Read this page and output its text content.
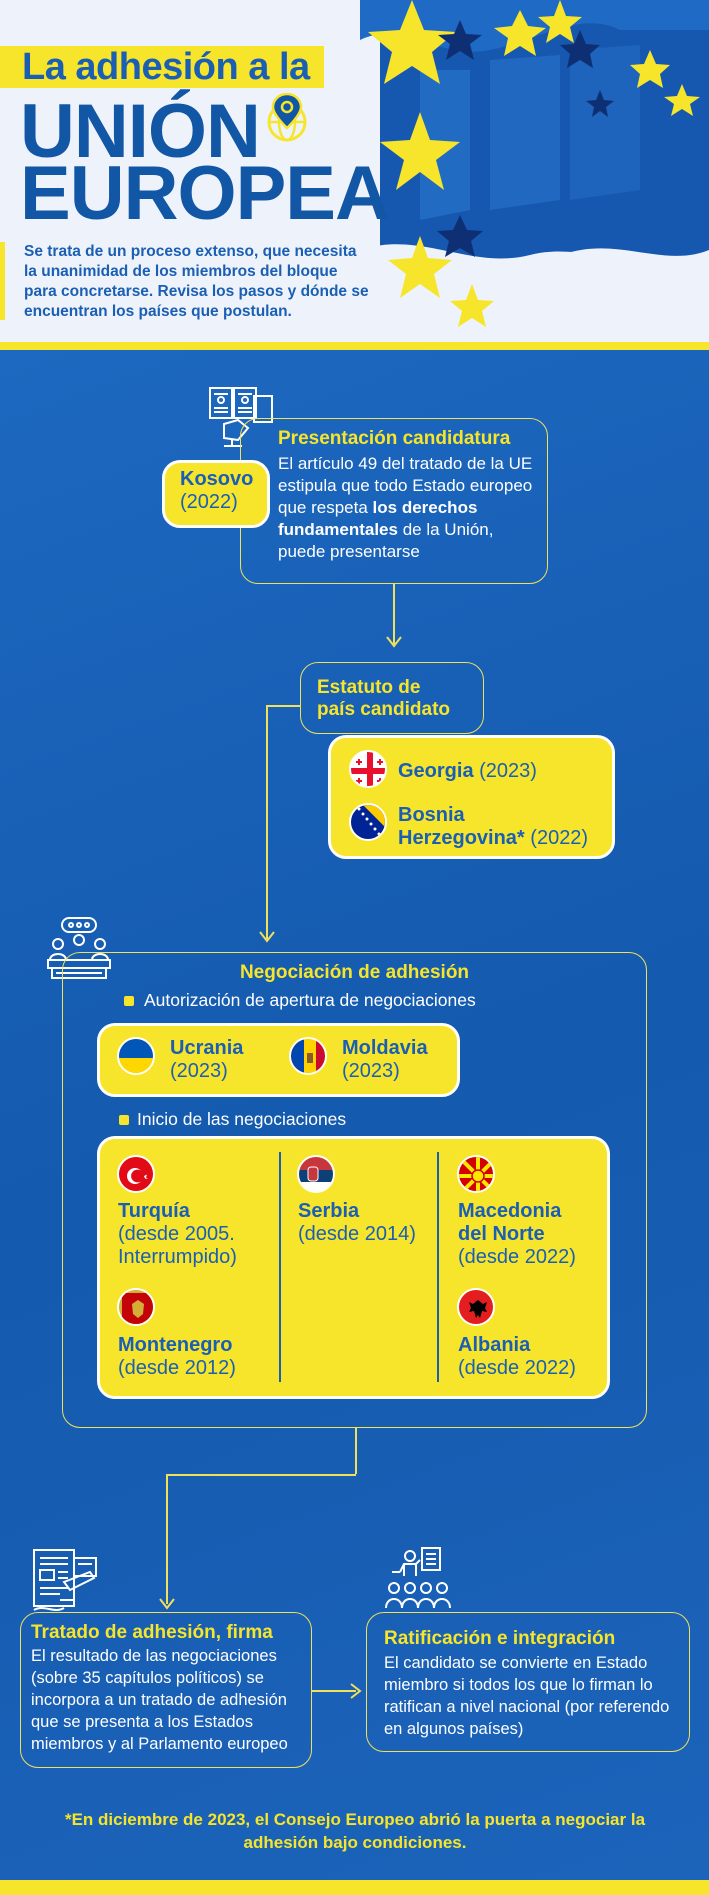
La adhesión a la
UNIÓN
EUROPEA
Se trata de un proceso extenso, que necesita la unanimidad de los miembros del bloque para concretarse. Revisa los pasos y dónde se encuentran los países que postulan.
Kosovo
(2022)
Presentación candidatura
El artículo 49 del tratado de la UE estipula que todo Estado europeo que respeta los derechos fundamentales de la Unión, puede presentarse
Estatuto de
país candidato
Georgia (2023)
Bosnia
Herzegovina* (2022)
Negociación de adhesión
Autorización de apertura de negociaciones
Ucrania
(2023)
Moldavia
(2023)
Inicio de las negociaciones
Turquía
(desde 2005.
Interrumpido)
Serbia
(desde 2014)
Macedonia
del Norte
(desde 2022)
Montenegro
(desde 2012)
Albania
(desde 2022)
Tratado de adhesión, firma
El resultado de las negociaciones (sobre 35 capítulos políticos) se incorpora a un tratado de adhesión que se presenta a los Estados miembros y al Parlamento europeo
Ratificación e integración
El candidato se convierte en Estado miembro si todos los que lo firman lo ratifican a nivel nacional (por referendo en algunos países)
*En diciembre de 2023, el Consejo Europeo abrió la puerta a negociar la adhesión bajo condiciones.
